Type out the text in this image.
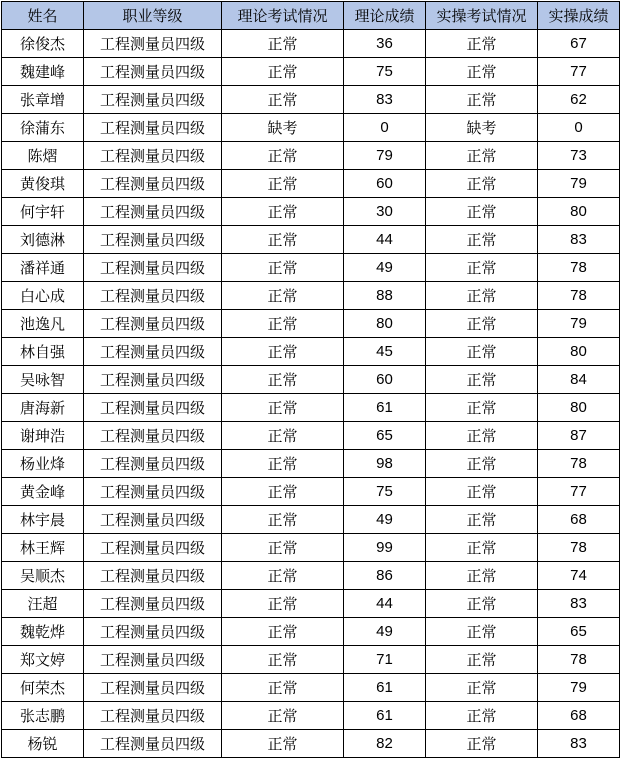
姓名	职业等级	理论考试情况	理论成绩	实操考试情况	实操成绩
徐俊杰	工程测量员四级	正常	36	正常	67
魏建峰	工程测量员四级	正常	75	正常	77
张章增	工程测量员四级	正常	83	正常	62
徐蒲东	工程测量员四级	缺考	0	缺考	0
陈熠	工程测量员四级	正常	79	正常	73
黄俊琪	工程测量员四级	正常	60	正常	79
何宇轩	工程测量员四级	正常	30	正常	80
刘德淋	工程测量员四级	正常	44	正常	83
潘祥通	工程测量员四级	正常	49	正常	78
白心成	工程测量员四级	正常	88	正常	78
池逸凡	工程测量员四级	正常	80	正常	79
林自强	工程测量员四级	正常	45	正常	80
吴咏智	工程测量员四级	正常	60	正常	84
唐海新	工程测量员四级	正常	61	正常	80
谢珅浩	工程测量员四级	正常	65	正常	87
杨业烽	工程测量员四级	正常	98	正常	78
黄金峰	工程测量员四级	正常	75	正常	77
林宇晨	工程测量员四级	正常	49	正常	68
林王辉	工程测量员四级	正常	99	正常	78
吴顺杰	工程测量员四级	正常	86	正常	74
汪超	工程测量员四级	正常	44	正常	83
魏乾烨	工程测量员四级	正常	49	正常	65
郑文婷	工程测量员四级	正常	71	正常	78
何荣杰	工程测量员四级	正常	61	正常	79
张志鹏	工程测量员四级	正常	61	正常	68
杨锐	工程测量员四级	正常	82	正常	83
